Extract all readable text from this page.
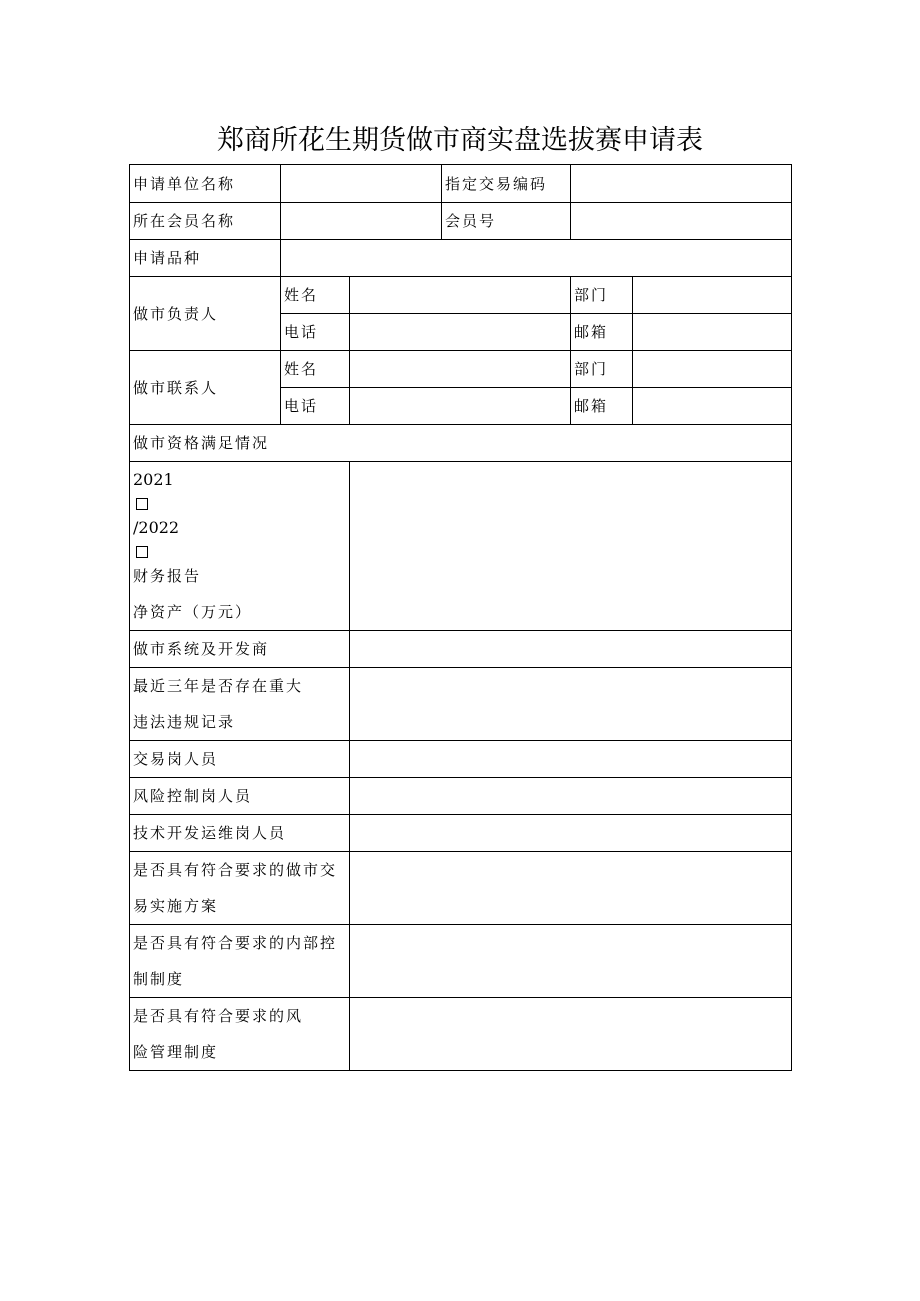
郑商所花生期货做市商实盘选拔赛申请表
申请单位名称			指定交易编码		
所在会员名称			会员号		
申请品种					
做市负责人	姓名			部门	
	电话			邮箱	
做市联系人	姓名			部门	
	电话			邮箱	
做市资格满足情况					

2021
/2022
财务报告
净资产（万元）					

做市系统及开发商					

最近三年是否存在重大
违法违规记录					

交易岗人员					
风险控制岗人员					
技术开发运维岗人员					

是否具有符合要求的做市交
易实施方案					

是否具有符合要求的内部控
制制度					

是否具有符合要求的风
险管理制度					
